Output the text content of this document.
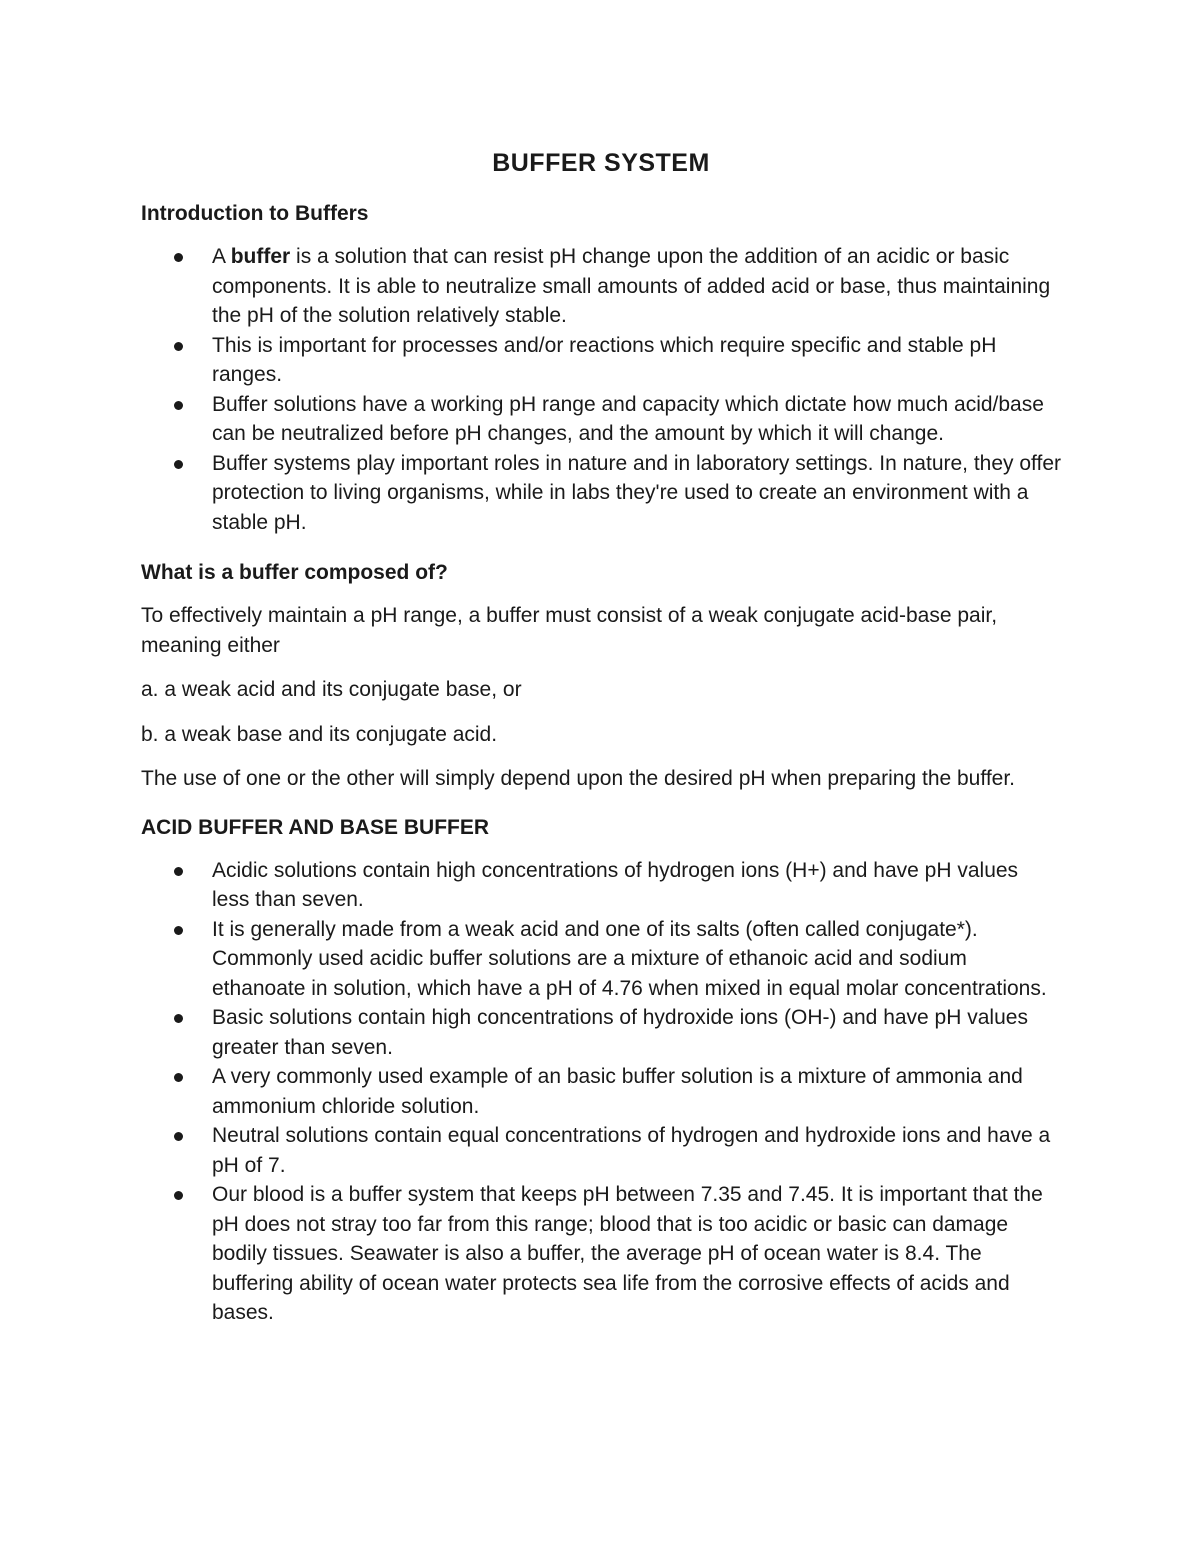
BUFFER SYSTEM
Introduction to Buffers
A buffer is a solution that can resist pH change upon the addition of an acidic or basic components. It is able to neutralize small amounts of added acid or base, thus maintaining the pH of the solution relatively stable.
This is important for processes and/or reactions which require specific and stable pH ranges.
Buffer solutions have a working pH range and capacity which dictate how much acid/base can be neutralized before pH changes, and the amount by which it will change.
Buffer systems play important roles in nature and in laboratory settings. In nature, they offer protection to living organisms, while in labs they're used to create an environment with a stable pH.
What is a buffer composed of?

To effectively maintain a pH range, a buffer must consist of a weak conjugate acid-base pair, meaning either

a. a weak acid and its conjugate base, or

b. a weak base and its conjugate acid.

The use of one or the other will simply depend upon the desired pH when preparing the buffer.

ACID BUFFER AND BASE BUFFER
Acidic solutions contain high concentrations of hydrogen ions (H+) and have pH values less than seven.
It is generally made from a weak acid and one of its salts (often called conjugate*). Commonly used acidic buffer solutions are a mixture of ethanoic acid and sodium ethanoate in solution, which have a pH of 4.76 when mixed in equal molar concentrations.
Basic solutions contain high concentrations of hydroxide ions (OH-) and have pH values greater than seven.
A very commonly used example of an basic buffer solution is a mixture of ammonia and ammonium chloride solution.
Neutral solutions contain equal concentrations of hydrogen and hydroxide ions and have a pH of 7.
Our blood is a buffer system that keeps pH between 7.35 and 7.45. It is important that the pH does not stray too far from this range; blood that is too acidic or basic can damage bodily tissues. Seawater is also a buffer, the average pH of ocean water is 8.4. The buffering ability of ocean water protects sea life from the corrosive effects of acids and bases.
